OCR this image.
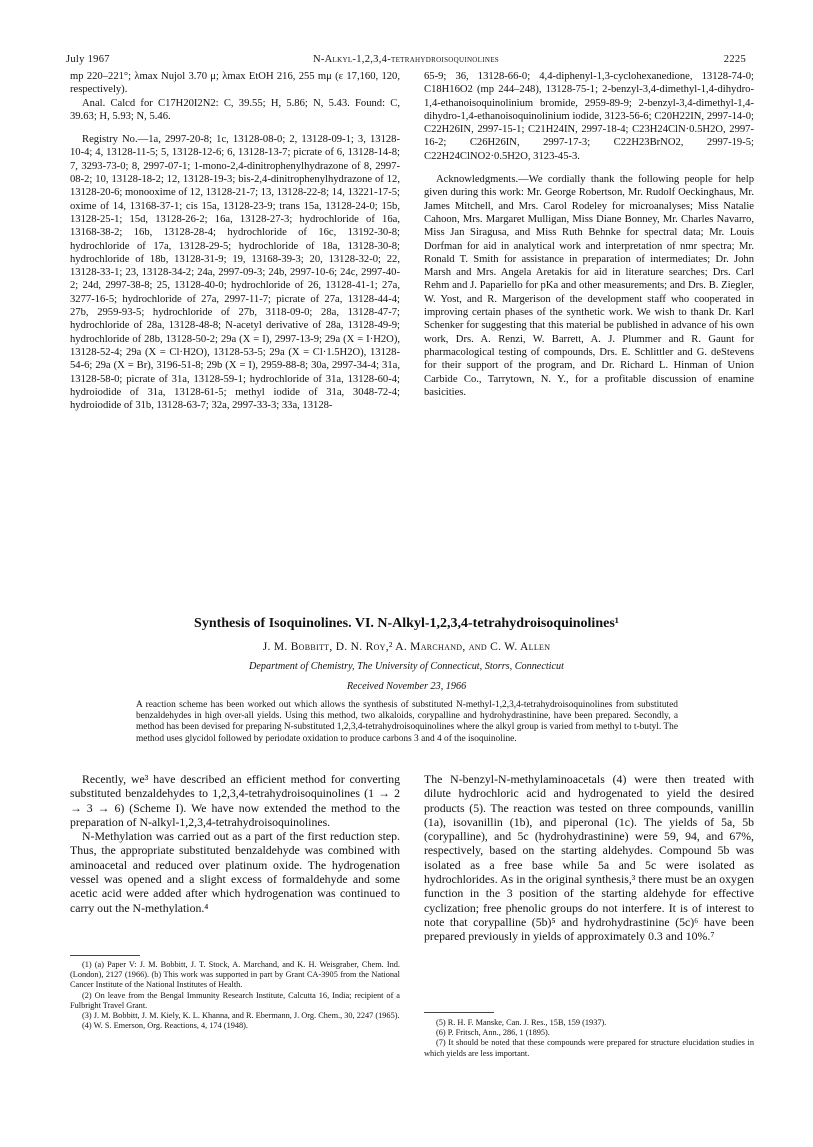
July 1967	N-Alkyl-1,2,3,4-tetrahydroisoquinolines	2225

mp 220–221°; λmax Nujol 3.70 μ; λmax EtOH 216, 255 mμ (ε 17,160, 120, respectively).

Anal. Calcd for C17H20I2N2: C, 39.55; H, 5.86; N, 5.43. Found: C, 39.63; H, 5.93; N, 5.46.

Registry No.—1a, 2997-20-8; 1c, 13128-08-0; 2, 13128-09-1; 3, 13128-10-4; 4, 13128-11-5; 5, 13128-12-6; 6, 13128-13-7; picrate of 6, 13128-14-8; 7, 3293-73-0; 8, 2997-07-1; 1-mono-2,4-dinitrophenylhydrazone of 8, 2997-08-2; 10, 13128-18-2; 12, 13128-19-3; bis-2,4-dinitrophenylhydrazone of 12, 13128-20-6; monooxime of 12, 13128-21-7; 13, 13128-22-8; 14, 13221-17-5; oxime of 14, 13168-37-1; cis 15a, 13128-23-9; trans 15a, 13128-24-0; 15b, 13128-25-1; 15d, 13128-26-2; 16a, 13128-27-3; hydrochloride of 16a, 13168-38-2; 16b, 13128-28-4; hydrochloride of 16c, 13192-30-8; hydrochloride of 17a, 13128-29-5; hydrochloride of 18a, 13128-30-8; hydrochloride of 18b, 13128-31-9; 19, 13168-39-3; 20, 13128-32-0; 22, 13128-33-1; 23, 13128-34-2; 24a, 2997-09-3; 24b, 2997-10-6; 24c, 2997-40-2; 24d, 2997-38-8; 25, 13128-40-0; hydrochloride of 26, 13128-41-1; 27a, 3277-16-5; hydrochloride of 27a, 2997-11-7; picrate of 27a, 13128-44-4; 27b, 2959-93-5; hydrochloride of 27b, 3118-09-0; 28a, 13128-47-7; hydrochloride of 28a, 13128-48-8; N-acetyl derivative of 28a, 13128-49-9; hydrochloride of 28b, 13128-50-2; 29a (X = I), 2997-13-9; 29a (X = I·H2O), 13128-52-4; 29a (X = Cl·H2O), 13128-53-5; 29a (X = Cl·1.5H2O), 13128-54-6; 29a (X = Br), 3196-51-8; 29b (X = I), 2959-88-8; 30a, 2997-34-4; 31a, 13128-58-0; picrate of 31a, 13128-59-1; hydrochloride of 31a, 13128-60-4; hydroiodide of 31a, 13128-61-5; methyl iodide of 31a, 3048-72-4; hydroiodide of 31b, 13128-63-7; 32a, 2997-33-3; 33a, 13128-

65-9; 36, 13128-66-0; 4,4-diphenyl-1,3-cyclohexanedione, 13128-74-0; C18H16O2 (mp 244–248), 13128-75-1; 2-benzyl-3,4-dimethyl-1,4-dihydro-1,4-ethanoisoquinolinium bromide, 2959-89-9; 2-benzyl-3,4-dimethyl-1,4-dihydro-1,4-ethanoisoquinolinium iodide, 3123-56-6; C20H22IN, 2997-14-0; C22H26IN, 2997-15-1; C21H24IN, 2997-18-4; C23H24ClN·0.5H2O, 2997-16-2; C26H26IN, 2997-17-3; C22H23BrNO2, 2997-19-5; C22H24ClNO2·0.5H2O, 3123-45-3.

Acknowledgments.—We cordially thank the following people for help given during this work: Mr. George Robertson, Mr. Rudolf Oeckinghaus, Mr. James Mitchell, and Mrs. Carol Rodeley for microanalyses; Miss Natalie Cahoon, Mrs. Margaret Mulligan, Miss Diane Bonney, Mr. Charles Navarro, Miss Jan Siragusa, and Miss Ruth Behnke for spectral data; Mr. Louis Dorfman for aid in analytical work and interpretation of nmr spectra; Mr. Ronald T. Smith for assistance in preparation of intermediates; Dr. John Marsh and Mrs. Angela Aretakis for aid in literature searches; Drs. Carl Rehm and J. Papariello for pKa and other measurements; and Drs. B. Ziegler, W. Yost, and R. Margerison of the development staff who cooperated in improving certain phases of the synthetic work. We wish to thank Dr. Karl Schenker for suggesting that this material be published in advance of his own work, Drs. A. Renzi, W. Barrett, A. J. Plummer and R. Gaunt for pharmacological testing of compounds, Drs. E. Schlittler and G. deStevens for their support of the program, and Dr. Richard L. Hinman of Union Carbide Co., Tarrytown, N. Y., for a profitable discussion of enamine basicities.

Synthesis of Isoquinolines. VI. N-Alkyl-1,2,3,4-tetrahydroisoquinolines¹
J. M. Bobbitt, D. N. Roy,² A. Marchand, and C. W. Allen
Department of Chemistry, The University of Connecticut, Storrs, Connecticut
Received November 23, 1966
A reaction scheme has been worked out which allows the synthesis of substituted N-methyl-1,2,3,4-tetrahydroisoquinolines from substituted benzaldehydes in high over-all yields. Using this method, two alkaloids, corypalline and hydrohydrastinine, have been prepared. Secondly, a method has been devised for preparing N-substituted 1,2,3,4-tetrahydroisoquinolines where the alkyl group is varied from methyl to t-butyl. The method uses glycidol followed by periodate oxidation to produce carbons 3 and 4 of the isoquinoline.

Recently, we³ have described an efficient method for converting substituted benzaldehydes to 1,2,3,4-tetrahydroisoquinolines (1 → 2 → 3 → 6) (Scheme I). We have now extended the method to the preparation of N-alkyl-1,2,3,4-tetrahydroisoquinolines.

N-Methylation was carried out as a part of the first reduction step. Thus, the appropriate substituted benzaldehyde was combined with aminoacetal and reduced over platinum oxide. The hydrogenation vessel was opened and a slight excess of formaldehyde and some acetic acid were added after which hydrogenation was continued to carry out the N-methylation.⁴

The N-benzyl-N-methylaminoacetals (4) were then treated with dilute hydrochloric acid and hydrogenated to yield the desired products (5). The reaction was tested on three compounds, vanillin (1a), isovanillin (1b), and piperonal (1c). The yields of 5a, 5b (corypalline), and 5c (hydrohydrastinine) were 59, 94, and 67%, respectively, based on the starting aldehydes. Compound 5b was isolated as a free base while 5a and 5c were isolated as hydrochlorides. As in the original synthesis,³ there must be an oxygen function in the 3 position of the starting aldehyde for effective cyclization; free phenolic groups do not interfere. It is of interest to note that corypalline (5b)⁵ and hydrohydrastinine (5c)⁶ have been prepared previously in yields of approximately 0.3 and 10%.⁷

(1) (a) Paper V: J. M. Bobbitt, J. T. Stock, A. Marchand, and K. H. Weisgraber, Chem. Ind. (London), 2127 (1966). (b) This work was supported in part by Grant CA-3905 from the National Cancer Institute of the National Institutes of Health.

(2) On leave from the Bengal Immunity Research Institute, Calcutta 16, India; recipient of a Fulbright Travel Grant.

(3) J. M. Bobbitt, J. M. Kiely, K. L. Khanna, and R. Ebermann, J. Org. Chem., 30, 2247 (1965).

(4) W. S. Emerson, Org. Reactions, 4, 174 (1948).	(5) R. H. F. Manske, Can. J. Res., 15B, 159 (1937).

(6) P. Fritsch, Ann., 286, 1 (1895).

(7) It should be noted that these compounds were prepared for structure elucidation studies in which yields are less important.
